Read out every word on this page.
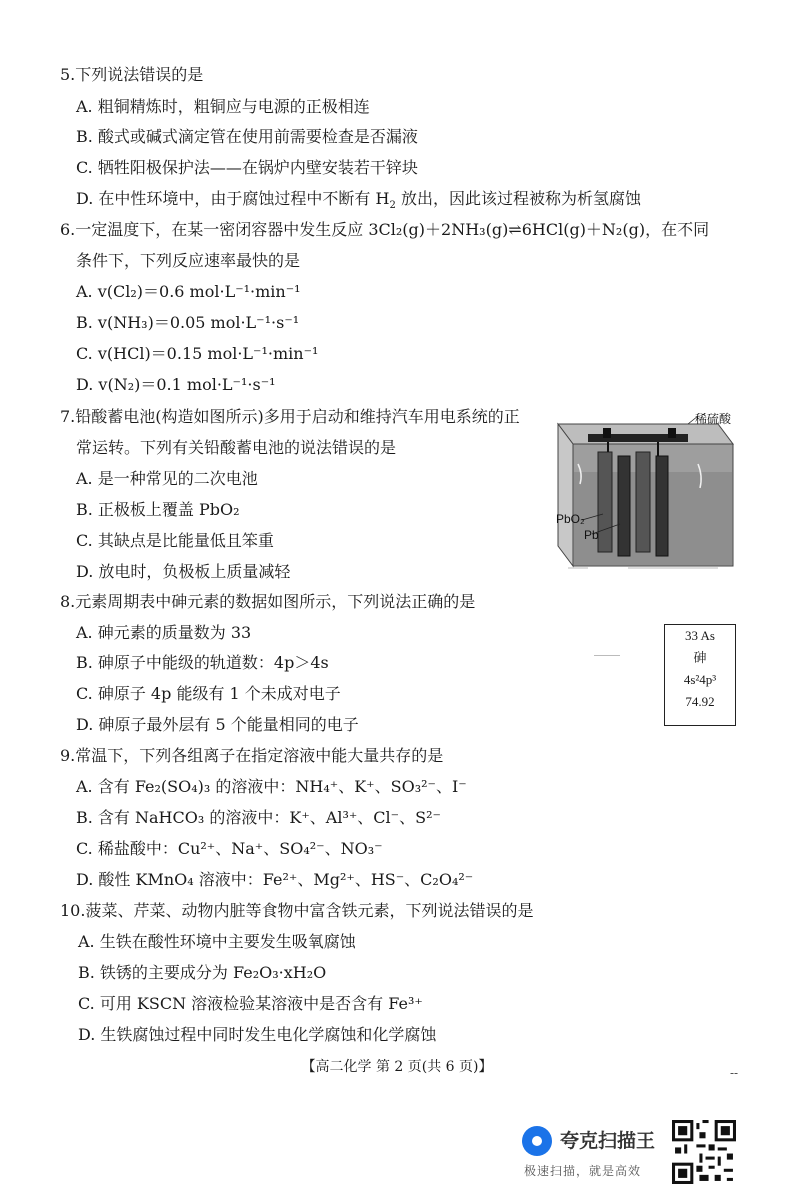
5.下列说法错误的是
A. 粗铜精炼时，粗铜应与电源的正极相连
B. 酸式或碱式滴定管在使用前需要检查是否漏液
C. 牺牲阳极保护法——在锅炉内壁安装若干锌块
D. 在中性环境中，由于腐蚀过程中不断有 $H_2$ 放出，因此该过程被称为析氢腐蚀
6.一定温度下，在某一密闭容器中发生反应 3Cl₂(g)＋2NH₃(g)⇌6HCl(g)＋N₂(g)，在不同
条件下，下列反应速率最快的是
A. v(Cl₂)＝0.6 mol·L⁻¹·min⁻¹
B. v(NH₃)＝0.05 mol·L⁻¹·s⁻¹
C. v(HCl)＝0.15 mol·L⁻¹·min⁻¹
D. v(N₂)＝0.1 mol·L⁻¹·s⁻¹
7.铅酸蓄电池(构造如图所示)多用于启动和维持汽车用电系统的正
常运转。下列有关铅酸蓄电池的说法错误的是
A. 是一种常见的二次电池
B. 正极板上覆盖 PbO₂
C. 其缺点是比能量低且笨重
D. 放电时，负极板上质量减轻
稀硫酸
PbO₂
Pb
8.元素周期表中砷元素的数据如图所示，下列说法正确的是
A. 砷元素的质量数为 33
B. 砷原子中能级的轨道数：4p＞4s
C. 砷原子 4p 能级有 1 个未成对电子
D. 砷原子最外层有 5 个能量相同的电子
33 As
砷
4s²4p³
74.92
9.常温下，下列各组离子在指定溶液中能大量共存的是
A. 含有 Fe₂(SO₄)₃ 的溶液中：NH₄⁺、K⁺、SO₃²⁻、I⁻
B. 含有 NaHCO₃ 的溶液中：K⁺、Al³⁺、Cl⁻、S²⁻
C. 稀盐酸中：Cu²⁺、Na⁺、SO₄²⁻、NO₃⁻
D. 酸性 KMnO₄ 溶液中：Fe²⁺、Mg²⁺、HS⁻、C₂O₄²⁻
10.菠菜、芹菜、动物内脏等食物中富含铁元素，下列说法错误的是
A. 生铁在酸性环境中主要发生吸氧腐蚀
B. 铁锈的主要成分为 Fe₂O₃·xH₂O
C. 可用 KSCN 溶液检验某溶液中是否含有 Fe³⁺
D. 生铁腐蚀过程中同时发生电化学腐蚀和化学腐蚀
【高二化学 第 2 页(共 6 页)】	--
夸克扫描王
极速扫描，就是高效
